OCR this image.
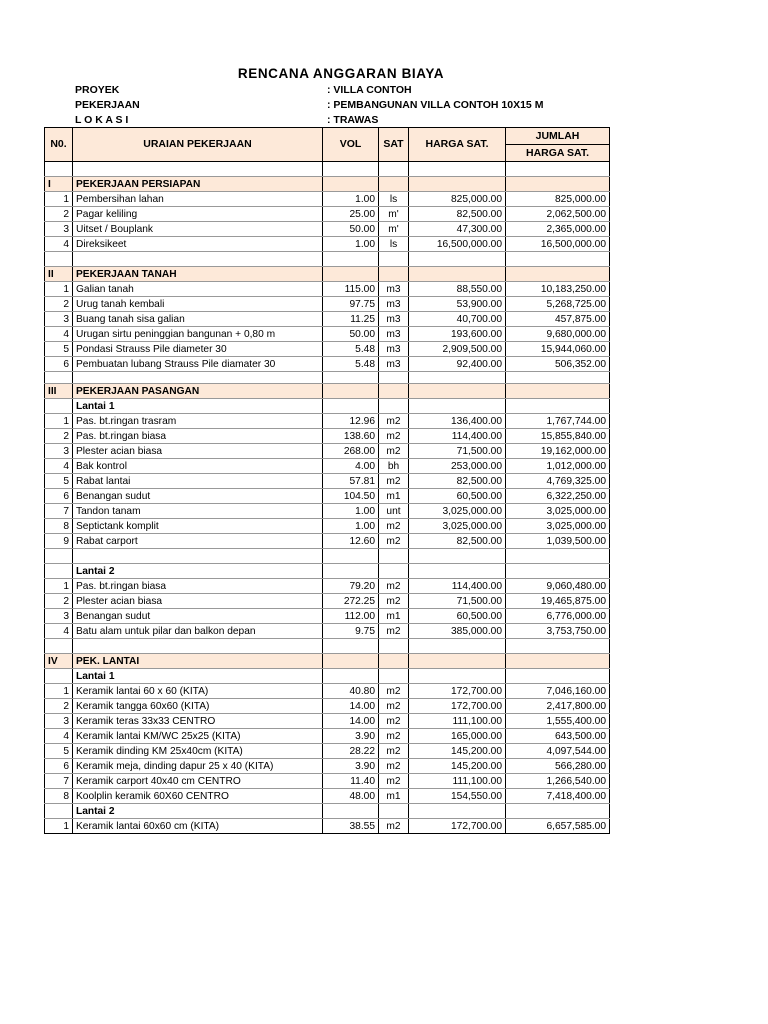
RENCANA ANGGARAN BIAYA
PROYEK	: VILLA CONTOH
PEKERJAAN	: PEMBANGUNAN VILLA CONTOH 10X15 M
L O K A S I	: TRAWAS
N0.	URAIAN PEKERJAAN	VOL	SAT	HARGA SAT.	JUMLAH
					HARGA SAT.

I	PEKERJAAN PERSIAPAN				
1	Pembersihan lahan	1.00	ls	825,000.00	825,000.00
2	Pagar keliling	25.00	m'	82,500.00	2,062,500.00
3	Uitset / Bouplank	50.00	m'	47,300.00	2,365,000.00
4	Direksikeet	1.00	ls	16,500,000.00	16,500,000.00

II	PEKERJAAN TANAH				
1	Galian tanah	115.00	m3	88,550.00	10,183,250.00
2	Urug tanah kembali	97.75	m3	53,900.00	5,268,725.00
3	Buang tanah sisa galian	11.25	m3	40,700.00	457,875.00
4	Urugan sirtu peninggian bangunan + 0,80 m	50.00	m3	193,600.00	9,680,000.00
5	Pondasi Strauss Pile diameter 30	5.48	m3	2,909,500.00	15,944,060.00
6	Pembuatan lubang Strauss Pile diamater 30	5.48	m3	92,400.00	506,352.00

III	PEKERJAAN PASANGAN				
	Lantai 1				
1	Pas. bt.ringan trasram	12.96	m2	136,400.00	1,767,744.00
2	Pas. bt.ringan biasa	138.60	m2	114,400.00	15,855,840.00
3	Plester acian biasa	268.00	m2	71,500.00	19,162,000.00
4	Bak kontrol	4.00	bh	253,000.00	1,012,000.00
5	Rabat lantai	57.81	m2	82,500.00	4,769,325.00
6	Benangan sudut	104.50	m1	60,500.00	6,322,250.00
7	Tandon tanam	1.00	unt	3,025,000.00	3,025,000.00
8	Septictank komplit	1.00	m2	3,025,000.00	3,025,000.00
9	Rabat carport	12.60	m2	82,500.00	1,039,500.00

	Lantai 2				
1	Pas. bt.ringan biasa	79.20	m2	114,400.00	9,060,480.00
2	Plester acian biasa	272.25	m2	71,500.00	19,465,875.00
3	Benangan sudut	112.00	m1	60,500.00	6,776,000.00
4	Batu alam untuk pilar dan balkon depan	9.75	m2	385,000.00	3,753,750.00

IV	PEK. LANTAI				
	Lantai 1				
1	Keramik lantai 60 x 60 (KITA)	40.80	m2	172,700.00	7,046,160.00
2	Keramik tangga 60x60 (KITA)	14.00	m2	172,700.00	2,417,800.00
3	Keramik teras 33x33 CENTRO	14.00	m2	111,100.00	1,555,400.00
4	Keramik lantai KM/WC 25x25 (KITA)	3.90	m2	165,000.00	643,500.00
5	Keramik dinding KM 25x40cm (KITA)	28.22	m2	145,200.00	4,097,544.00
6	Keramik meja, dinding dapur 25 x 40 (KITA)	3.90	m2	145,200.00	566,280.00
7	Keramik carport 40x40 cm CENTRO	11.40	m2	111,100.00	1,266,540.00
8	Koolplin keramik 60X60 CENTRO	48.00	m1	154,550.00	7,418,400.00
	Lantai 2				
1	Keramik lantai 60x60 cm (KITA)	38.55	m2	172,700.00	6,657,585.00
